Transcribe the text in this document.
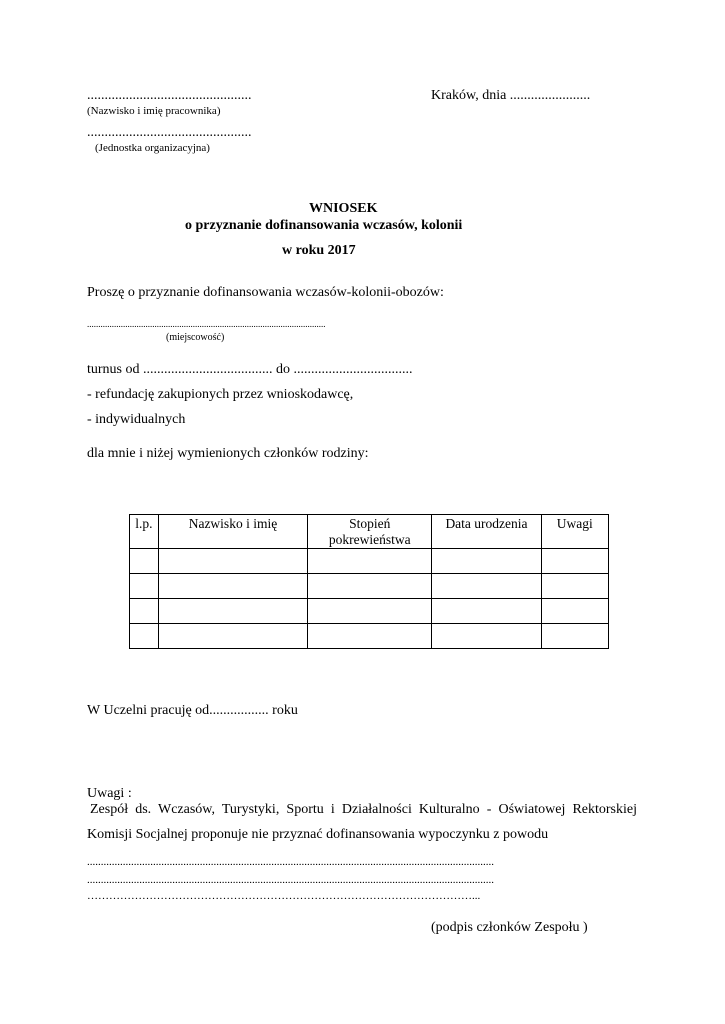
...............................................
(Nazwisko i imię pracownika)
...............................................
(Jednostka organizacyjna)
Kraków, dnia .......................
WNIOSEK
o przyznanie dofinansowania wczasów, kolonii
w roku 2017
Proszę o przyznanie dofinansowania wczasów-kolonii-obozów:
..........................................................................................................
(miejscowość)
turnus od ..................................... do ..................................
- refundację zakupionych przez wnioskodawcę,
- indywidualnych
dla mnie i niżej wymienionych członków rodziny:
l.p.	Nazwisko i imię	Stopień pokrewieństwa	Data urodzenia	Uwagi

W Uczelni pracuję od................. roku
Uwagi :
Zespół ds. Wczasów, Turystyki, Sportu i Działalności Kulturalno - Oświatowej Rektorskiej
Komisji Socjalnej proponuje nie przyznać dofinansowania wypoczynku z powodu
....................................................................................................................................................
....................................................................................................................................................
……………………………………………………………………………………………...
(podpis członków Zespołu )
